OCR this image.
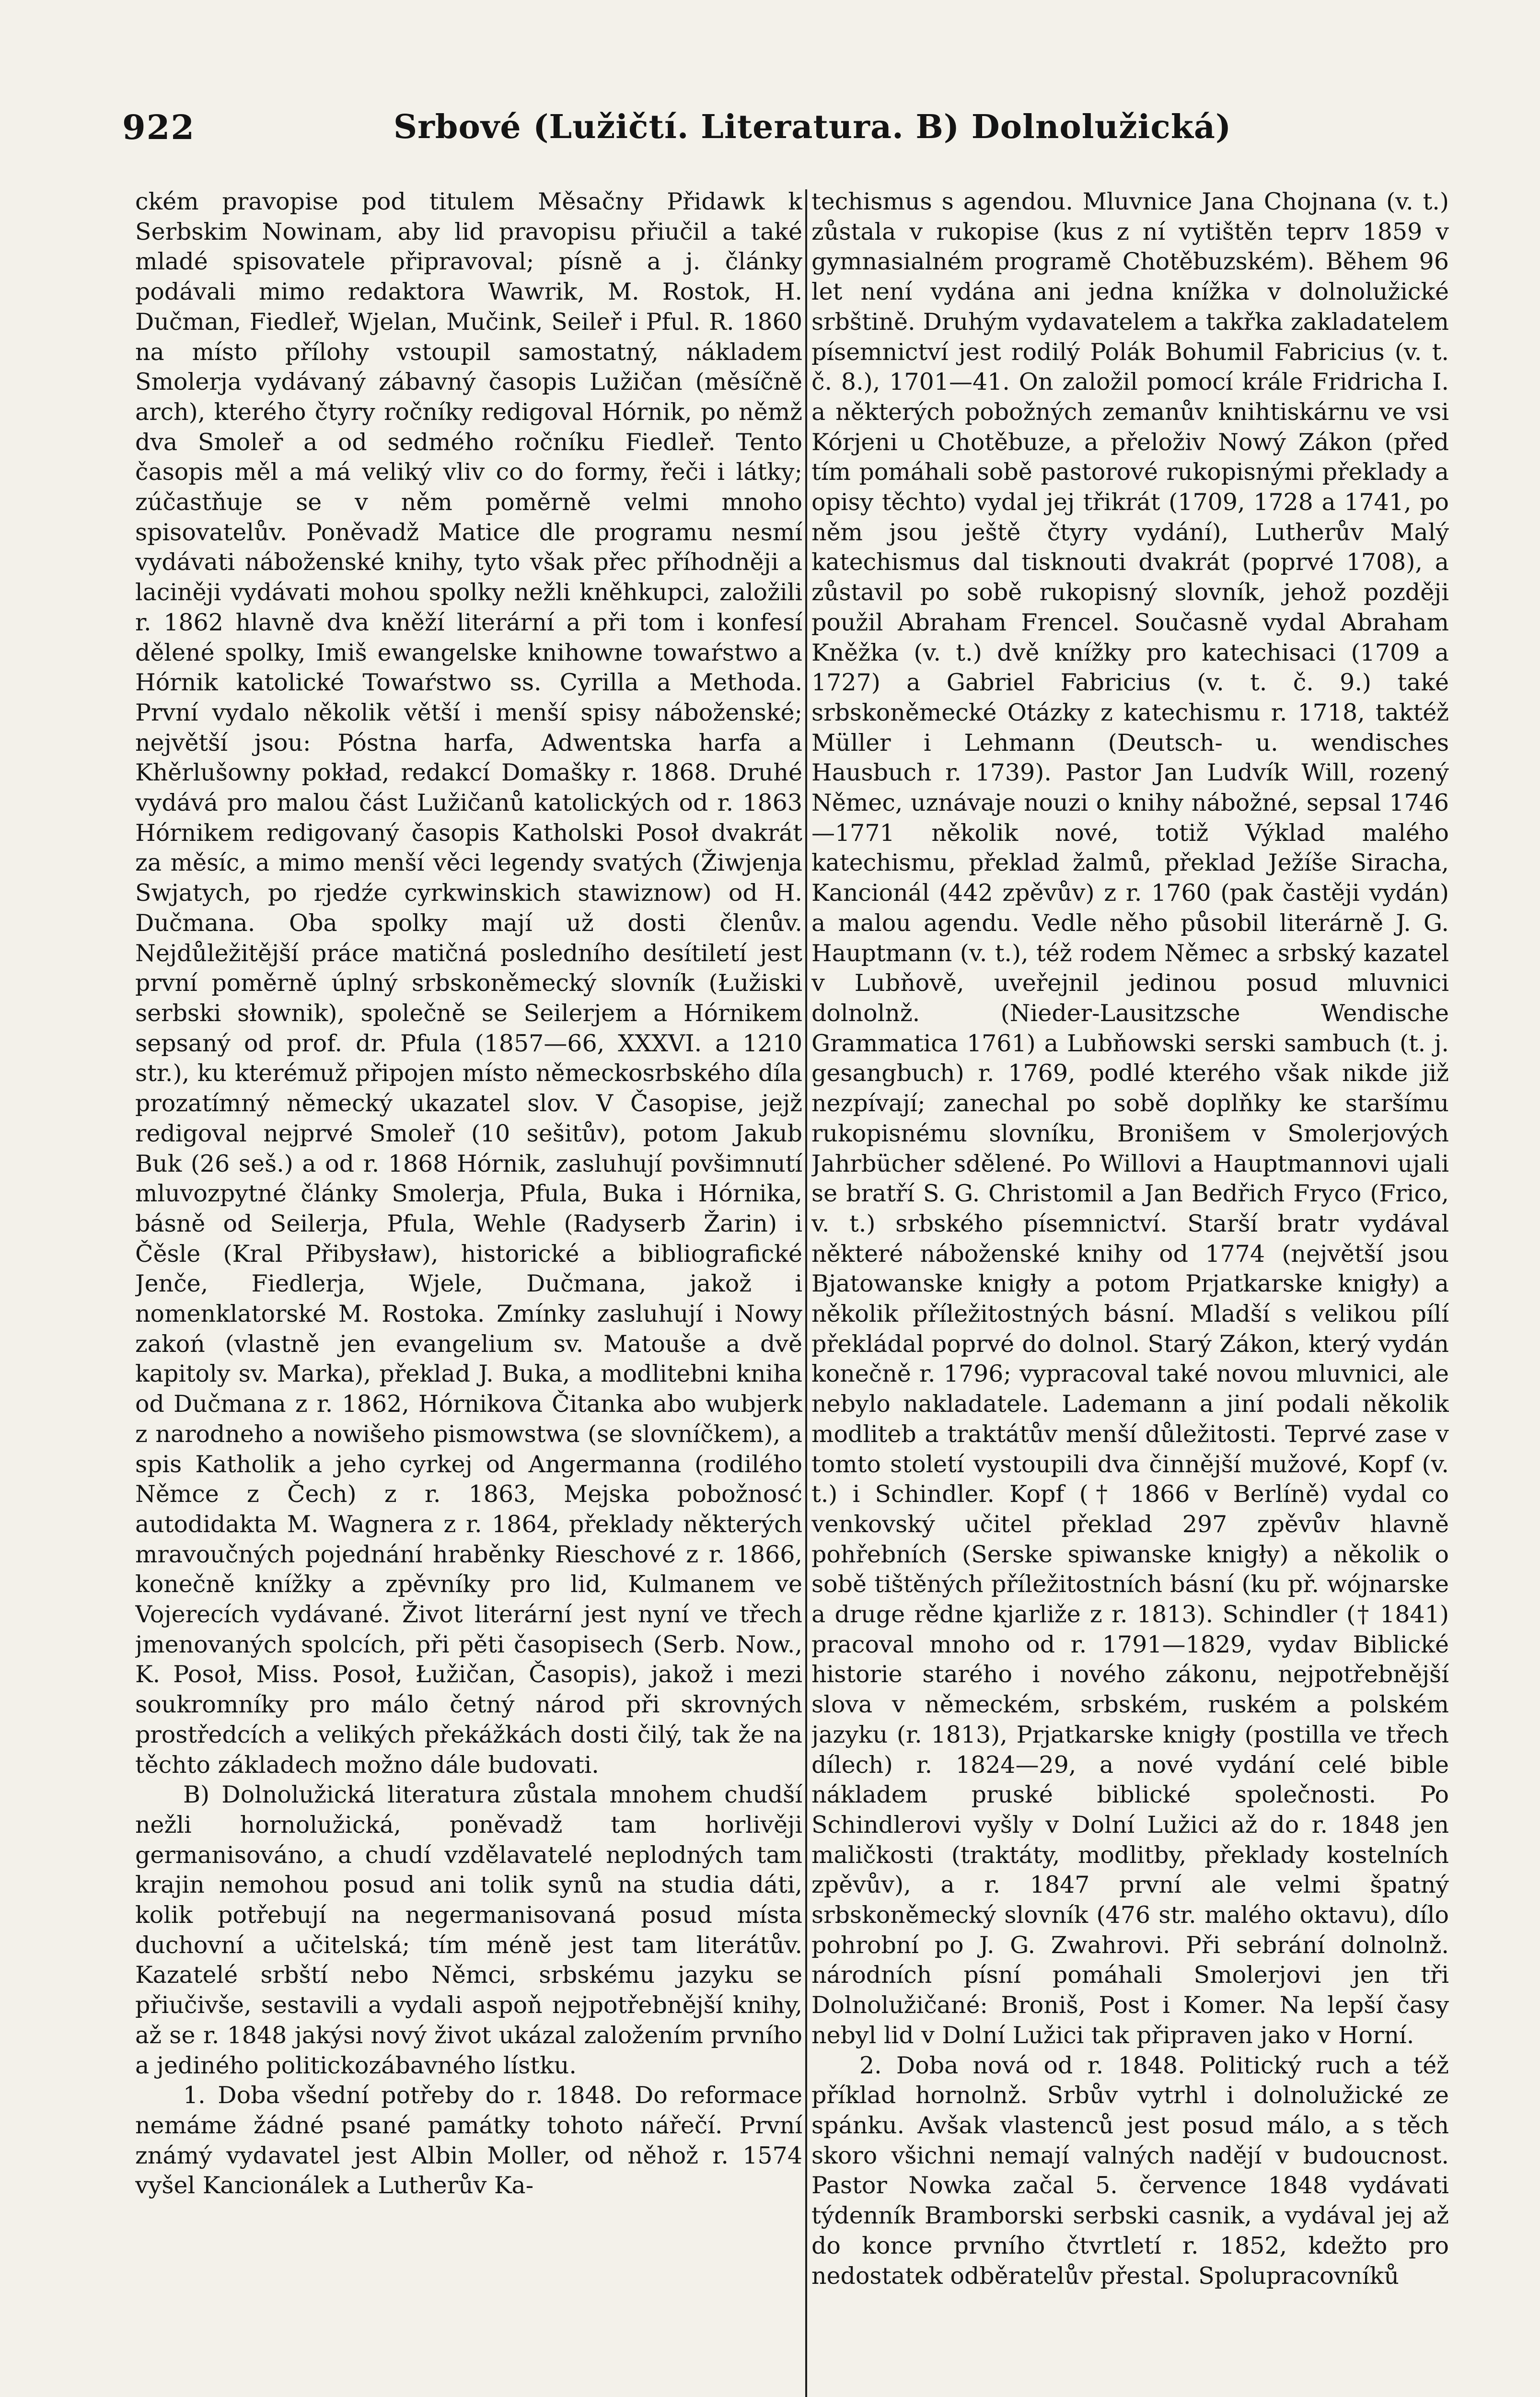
922	Srbové (Lužičtí. Literatura. B) Dolnolužická)

ckém pravopise pod titulem Měsačny Přidawk k Serbskim Nowinam, aby lid pravopisu přiučil a také mladé spisovatele připravoval; písně a j. články podávali mimo redaktora Wawrik, M. Rostok, H. Dučman, Fiedleř, Wjelan, Mučink, Seileř i Pful. R. 1860 na místo přílohy vstoupil samostatný, nákladem Smolerja vydávaný zábavný časopis Lužičan (měsíčně arch), kterého čtyry ročníky redigoval Hórnik, po němž dva Smoleř a od sedmého ročníku Fiedleř. Tento časopis měl a má veliký vliv co do formy, řeči i látky; zúčastňuje se v něm poměrně velmi mnoho spisovatelův. Poněvadž Matice dle programu nesmí vydávati náboženské knihy, tyto však přec příhodněji a laciněji vydávati mohou spolky nežli kněhkupci, založili r. 1862 hlavně dva kněží literární a při tom i konfesí dělené spolky, Imiš ewangelske knihowne towaŕstwo a Hórnik katolické Towaŕstwo ss. Cyrilla a Methoda. První vydalo několik větší i menší spisy náboženské; největší jsou: Póstna harfa, Adwentska harfa a Khěrlušowny pokład, redakcí Domašky r. 1868. Druhé vydává pro malou část Lužičanů katolických od r. 1863 Hórnikem redigovaný časopis Katholski Posoł dvakrát za měsíc, a mimo menší věci legendy svatých (Žiwjenja Swjatych, po rjedźe cyrkwinskich stawiznow) od H. Dučmana. Oba spolky mají už dosti členův. Nejdůležitější práce matičná posledního desítiletí jest první poměrně úplný srbskoněmecký slovník (Łužiski serbski słownik), společně se Seilerjem a Hórnikem sepsaný od prof. dr. Pfula (1857—66, XXXVI. a 1210 str.), ku kterémuž připojen místo německosrbského díla prozatímný německý ukazatel slov. V Časopise, jejž redigoval nejprvé Smoleř (10 sešitův), potom Jakub Buk (26 seš.) a od r. 1868 Hórnik, zasluhují povšimnutí mluvozpytné články Smolerja, Pfula, Buka i Hórnika, básně od Seilerja, Pfula, Wehle (Radyserb Žarin) i Čěsle (Kral Přibysław), historické a bibliografické Jenče, Fiedlerja, Wjele, Dučmana, jakož i nomenklatorské M. Rostoka. Zmínky zasluhují i Nowy zakoń (vlastně jen evangelium sv. Matouše a dvě kapitoly sv. Marka), překlad J. Buka, a modlitebni kniha od Dučmana z r. 1862, Hórnikova Čitanka abo wubjerk z narodneho a nowišeho pismowstwa (se slovníčkem), a spis Katholik a jeho cyrkej od Angermanna (rodilého Němce z Čech) z r. 1863, Mejska pobožnosć autodidakta M. Wagnera z r. 1864, překlady některých mravoučných pojednání hraběnky Rieschové z r. 1866, konečně knížky a zpěvníky pro lid, Kulmanem ve Vojerecích vydávané. Život literární jest nyní ve třech jmenovaných spolcích, při pěti časopisech (Serb. Now., K. Posoł, Miss. Posoł, Łužičan, Časopis), jakož i mezi soukromníky pro málo četný národ při skrovných prostředcích a velikých překážkách dosti čilý, tak že na těchto základech možno dále budovati.

B) Dolnolužická literatura zůstala mnohem chudší nežli hornolužická, poněvadž tam horlivěji germanisováno, a chudí vzdělavatelé neplodných tam krajin nemohou posud ani tolik synů na studia dáti, kolik potřebují na negermanisovaná posud místa duchovní a učitelská; tím méně jest tam literátův. Kazatelé srbští nebo Němci, srbskému jazyku se přiučivše, sestavili a vydali aspoň nejpotřebnější knihy, až se r. 1848 jakýsi nový život ukázal založením prvního a jediného politickozábavného lístku.

1. Doba všední potřeby do r. 1848. Do reformace nemáme žádné psané památky tohoto nářečí. První známý vydavatel jest Albin Moller, od něhož r. 1574 vyšel Kancionálek a Lutherův Ka-

techismus s agendou. Mluvnice Jana Chojnana (v. t.) zůstala v rukopise (kus z ní vytištěn teprv 1859 v gymnasialném programě Chotěbuzském). Během 96 let není vydána ani jedna knížka v dolnolužické srbštině. Druhým vydavatelem a takřka zakladatelem písemnictví jest rodilý Polák Bohumil Fabricius (v. t. č. 8.), 1701—41. On založil pomocí krále Fridricha I. a některých pobožných zemanův knihtiskárnu ve vsi Kórjeni u Chotěbuze, a přeloživ Nowý Zákon (před tím pomáhali sobě pastorové rukopisnými překlady a opisy těchto) vydal jej třikrát (1709, 1728 a 1741, po něm jsou ještě čtyry vydání), Lutherův Malý katechismus dal tisknouti dvakrát (poprvé 1708), a zůstavil po sobě rukopisný slovník, jehož později použil Abraham Frencel. Současně vydal Abraham Kněžka (v. t.) dvě knížky pro katechisaci (1709 a 1727) a Gabriel Fabricius (v. t. č. 9.) také srbskoněmecké Otázky z katechismu r. 1718, taktéž Müller i Lehmann (Deutsch- u. wendisches Hausbuch r. 1739). Pastor Jan Ludvík Will, rozený Němec, uznávaje nouzi o knihy nábožné, sepsal 1746 —1771 několik nové, totiž Výklad malého katechismu, překlad žalmů, překlad Ježíše Siracha, Kancionál (442 zpěvův) z r. 1760 (pak častěji vydán) a malou agendu. Vedle něho působil literárně J. G. Hauptmann (v. t.), též rodem Němec a srbský kazatel v Lubňově, uveřejnil jedinou posud mluvnici dolnolnž. (Nieder-Lausitzsche Wendische Grammatica 1761) a Lubňowski serski sambuch (t. j. gesangbuch) r. 1769, podlé kterého však nikde již nezpívají; zanechal po sobě doplňky ke staršímu rukopisnému slovníku, Bronišem v Smolerjových Jahrbücher sdělené. Po Willovi a Hauptmannovi ujali se bratří S. G. Christomil a Jan Bedřich Fryco (Frico, v. t.) srbského písemnictví. Starší bratr vydával některé náboženské knihy od 1774 (největší jsou Bjatowanske knigły a potom Prjatkarske knigły) a několik příležitostných básní. Mladší s velikou pílí překládal poprvé do dolnol. Starý Zákon, který vydán konečně r. 1796; vypracoval také novou mluvnici, ale nebylo nakladatele. Lademann a jiní podali několik modliteb a traktátův menší důležitosti. Teprvé zase v tomto století vystoupili dva činnější mužové, Kopf (v. t.) i Schindler. Kopf († 1866 v Berlíně) vydal co venkovský učitel překlad 297 zpěvův hlavně pohřebních (Serske spiwanske knigły) a několik o sobě tištěných příležitostních básní (ku př. wójnarske a druge rědne kjarliže z r. 1813). Schindler († 1841) pracoval mnoho od r. 1791—1829, vydav Biblické historie starého i nového zákonu, nejpotřebnější slova v německém, srbském, ruském a polském jazyku (r. 1813), Prjatkarske knigły (postilla ve třech dílech) r. 1824—29, a nové vydání celé bible nákladem pruské biblické společnosti. Po Schindlerovi vyšly v Dolní Lužici až do r. 1848 jen maličkosti (traktáty, modlitby, překlady kostelních zpěvův), a r. 1847 první ale velmi špatný srbskoněmecký slovník (476 str. malého oktavu), dílo pohrobní po J. G. Zwahrovi. Při sebrání dolnolnž. národních písní pomáhali Smolerjovi jen tři Dolnolužičané: Broniš, Post i Komer. Na lepší časy nebyl lid v Dolní Lužici tak připraven jako v Horní.

2. Doba nová od r. 1848. Politický ruch a též příklad hornolnž. Srbův vytrhl i dolnolužické ze spánku. Avšak vlastenců jest posud málo, a s těch skoro všichni nemají valných nadějí v budoucnost. Pastor Nowka začal 5. července 1848 vydávati týdenník Bramborski serbski casnik, a vydával jej až do konce prvního čtvrtletí r. 1852, kdežto pro nedostatek odběratelův přestal. Spolupracovníků
